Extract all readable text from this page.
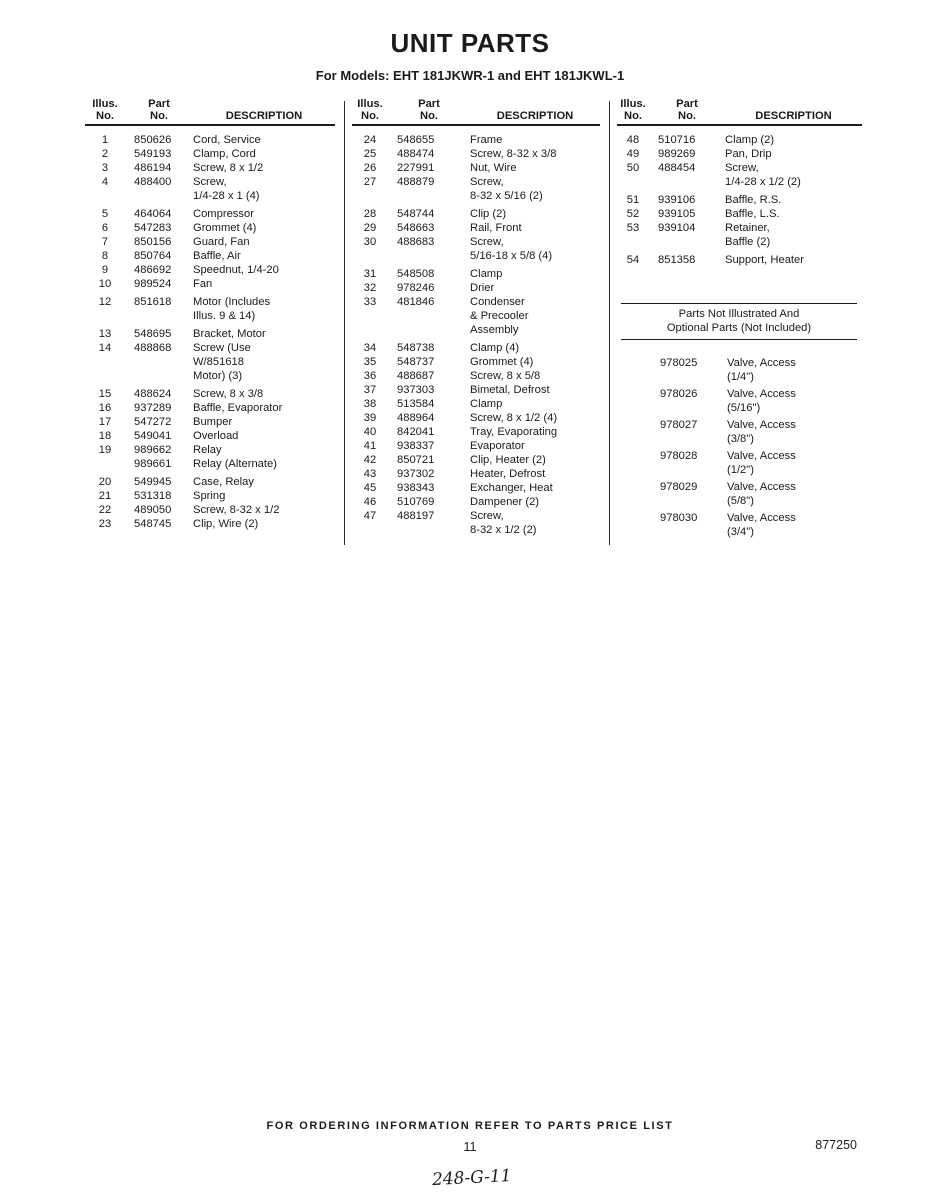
UNIT PARTS
For Models: EHT 181JKWR-1 and EHT 181JKWL-1
Illus.
No.
Part
No.	DESCRIPTION
1	850626	Cord, Service
2	549193	Clamp, Cord
3	486194	Screw, 8 x 1/2
4	488400	Screw,
1/4-28 x 1 (4)
5	464064	Compressor
6	547283	Grommet (4)
7	850156	Guard, Fan
8	850764	Baffle, Air
9	486692	Speednut, 1/4-20
10	989524	Fan
12	851618	Motor (Includes
Illus. 9 & 14)
13	548695	Bracket, Motor
14	488868	Screw (Use
W/851618
Motor) (3)
15	488624	Screw, 8 x 3/8
16	937289	Baffle, Evaporator
17	547272	Bumper
18	549041	Overload
19	989662	Relay
989661	Relay (Alternate)
20	549945	Case, Relay
21	531318	Spring
22	489050	Screw, 8-32 x 1/2
23	548745	Clip, Wire (2)
Illus.
No.
Part
No.	DESCRIPTION
24	548655	Frame
25	488474	Screw, 8-32 x 3/8
26	227991	Nut, Wire
27	488879	Screw,
8-32 x 5/16 (2)
28	548744	Clip (2)
29	548663	Rail, Front
30	488683	Screw,
5/16-18 x 5/8 (4)
31	548508	Clamp
32	978246	Drier
33	481846	Condenser
& Precooler
Assembly
34	548738	Clamp (4)
35	548737	Grommet (4)
36	488687	Screw, 8 x 5/8
37	937303	Bimetal, Defrost
38	513584	Clamp
39	488964	Screw, 8 x 1/2 (4)
40	842041	Tray, Evaporating
41	938337	Evaporator
42	850721	Clip, Heater (2)
43	937302	Heater, Defrost
45	938343	Exchanger, Heat
46	510769	Dampener (2)
47	488197	Screw,
8-32 x 1/2 (2)
Illus.
No.
Part
No.	DESCRIPTION
48	510716	Clamp (2)
49	989269	Pan, Drip
50	488454	Screw,
1/4-28 x 1/2 (2)
51	939106	Baffle, R.S.
52	939105	Baffle, L.S.
53	939104	Retainer,
Baffle (2)
54	851358	Support, Heater
Parts Not Illustrated And
Optional Parts (Not Included)
978025	Valve, Access
(1/4")
978026	Valve, Access
(5/16")
978027	Valve, Access
(3/8")
978028	Valve, Access
(1/2")
978029	Valve, Access
(5/8")
978030	Valve, Access
(3/4")
FOR ORDERING INFORMATION REFER TO PARTS PRICE LIST
11	877250
248-G-11
